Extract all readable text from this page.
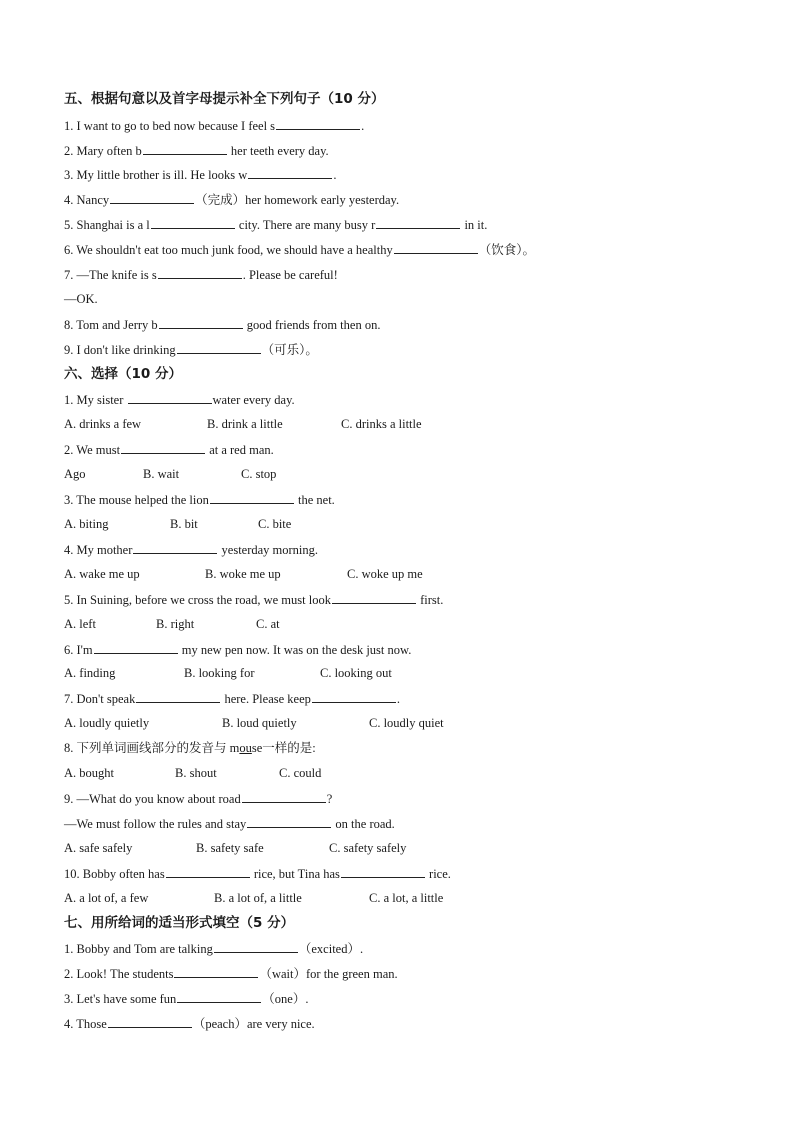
五、根据句意以及首字母提示补全下列句子（10 分）
1. I want to go to bed now because I feel s	.
2. Mary often b	her teeth every day.
3. My little brother is ill. He looks w	.
4. Nancy	（完成）her homework early yesterday.
5. Shanghai is a l	city. There are many busy r	in it.
6. We shouldn't eat too much junk food, we should have a healthy	（饮食）。
7. —The knife is s	. Please be careful!
—OK.
8. Tom and Jerry b	good friends from then on.
9. I don't like drinking	（可乐）。
六、选择（10 分）
1. My sister	water every day.
A. drinks a few	B. drink a little	C. drinks a little
2. We must	at a red man.
Ago	B. wait	C. stop
3. The mouse helped the lion	the net.
A. biting	B. bit	C. bite
4. My mother	yesterday morning.
A. wake me up	B. woke me up	C. woke up me
5. In Suining, before we cross the road, we must look	first.
A. left	B. right	C. at
6. I'm	my new pen now. It was on the desk just now.
A. finding	B. looking for	C. looking out
7. Don't speak	here. Please keep	.
A. loudly quietly	B. loud quietly	C. loudly quiet
8. 下列单词画线部分的发音与 mouse一样的是:
A. bought	B. shout	C. could
9. —What do you know about road	?
—We must follow the rules and stay	on the road.
A. safe safely	B. safety safe	C. safety safely
10. Bobby often has	rice, but Tina has	rice.
A. a lot of, a few	B. a lot of, a little	C. a lot, a little
七、用所给词的适当形式填空（5 分）
1. Bobby and Tom are talking	（excited）.
2. Look! The students	（wait）for the green man.
3. Let's have some fun	（one）.
4. Those	（peach）are very nice.
